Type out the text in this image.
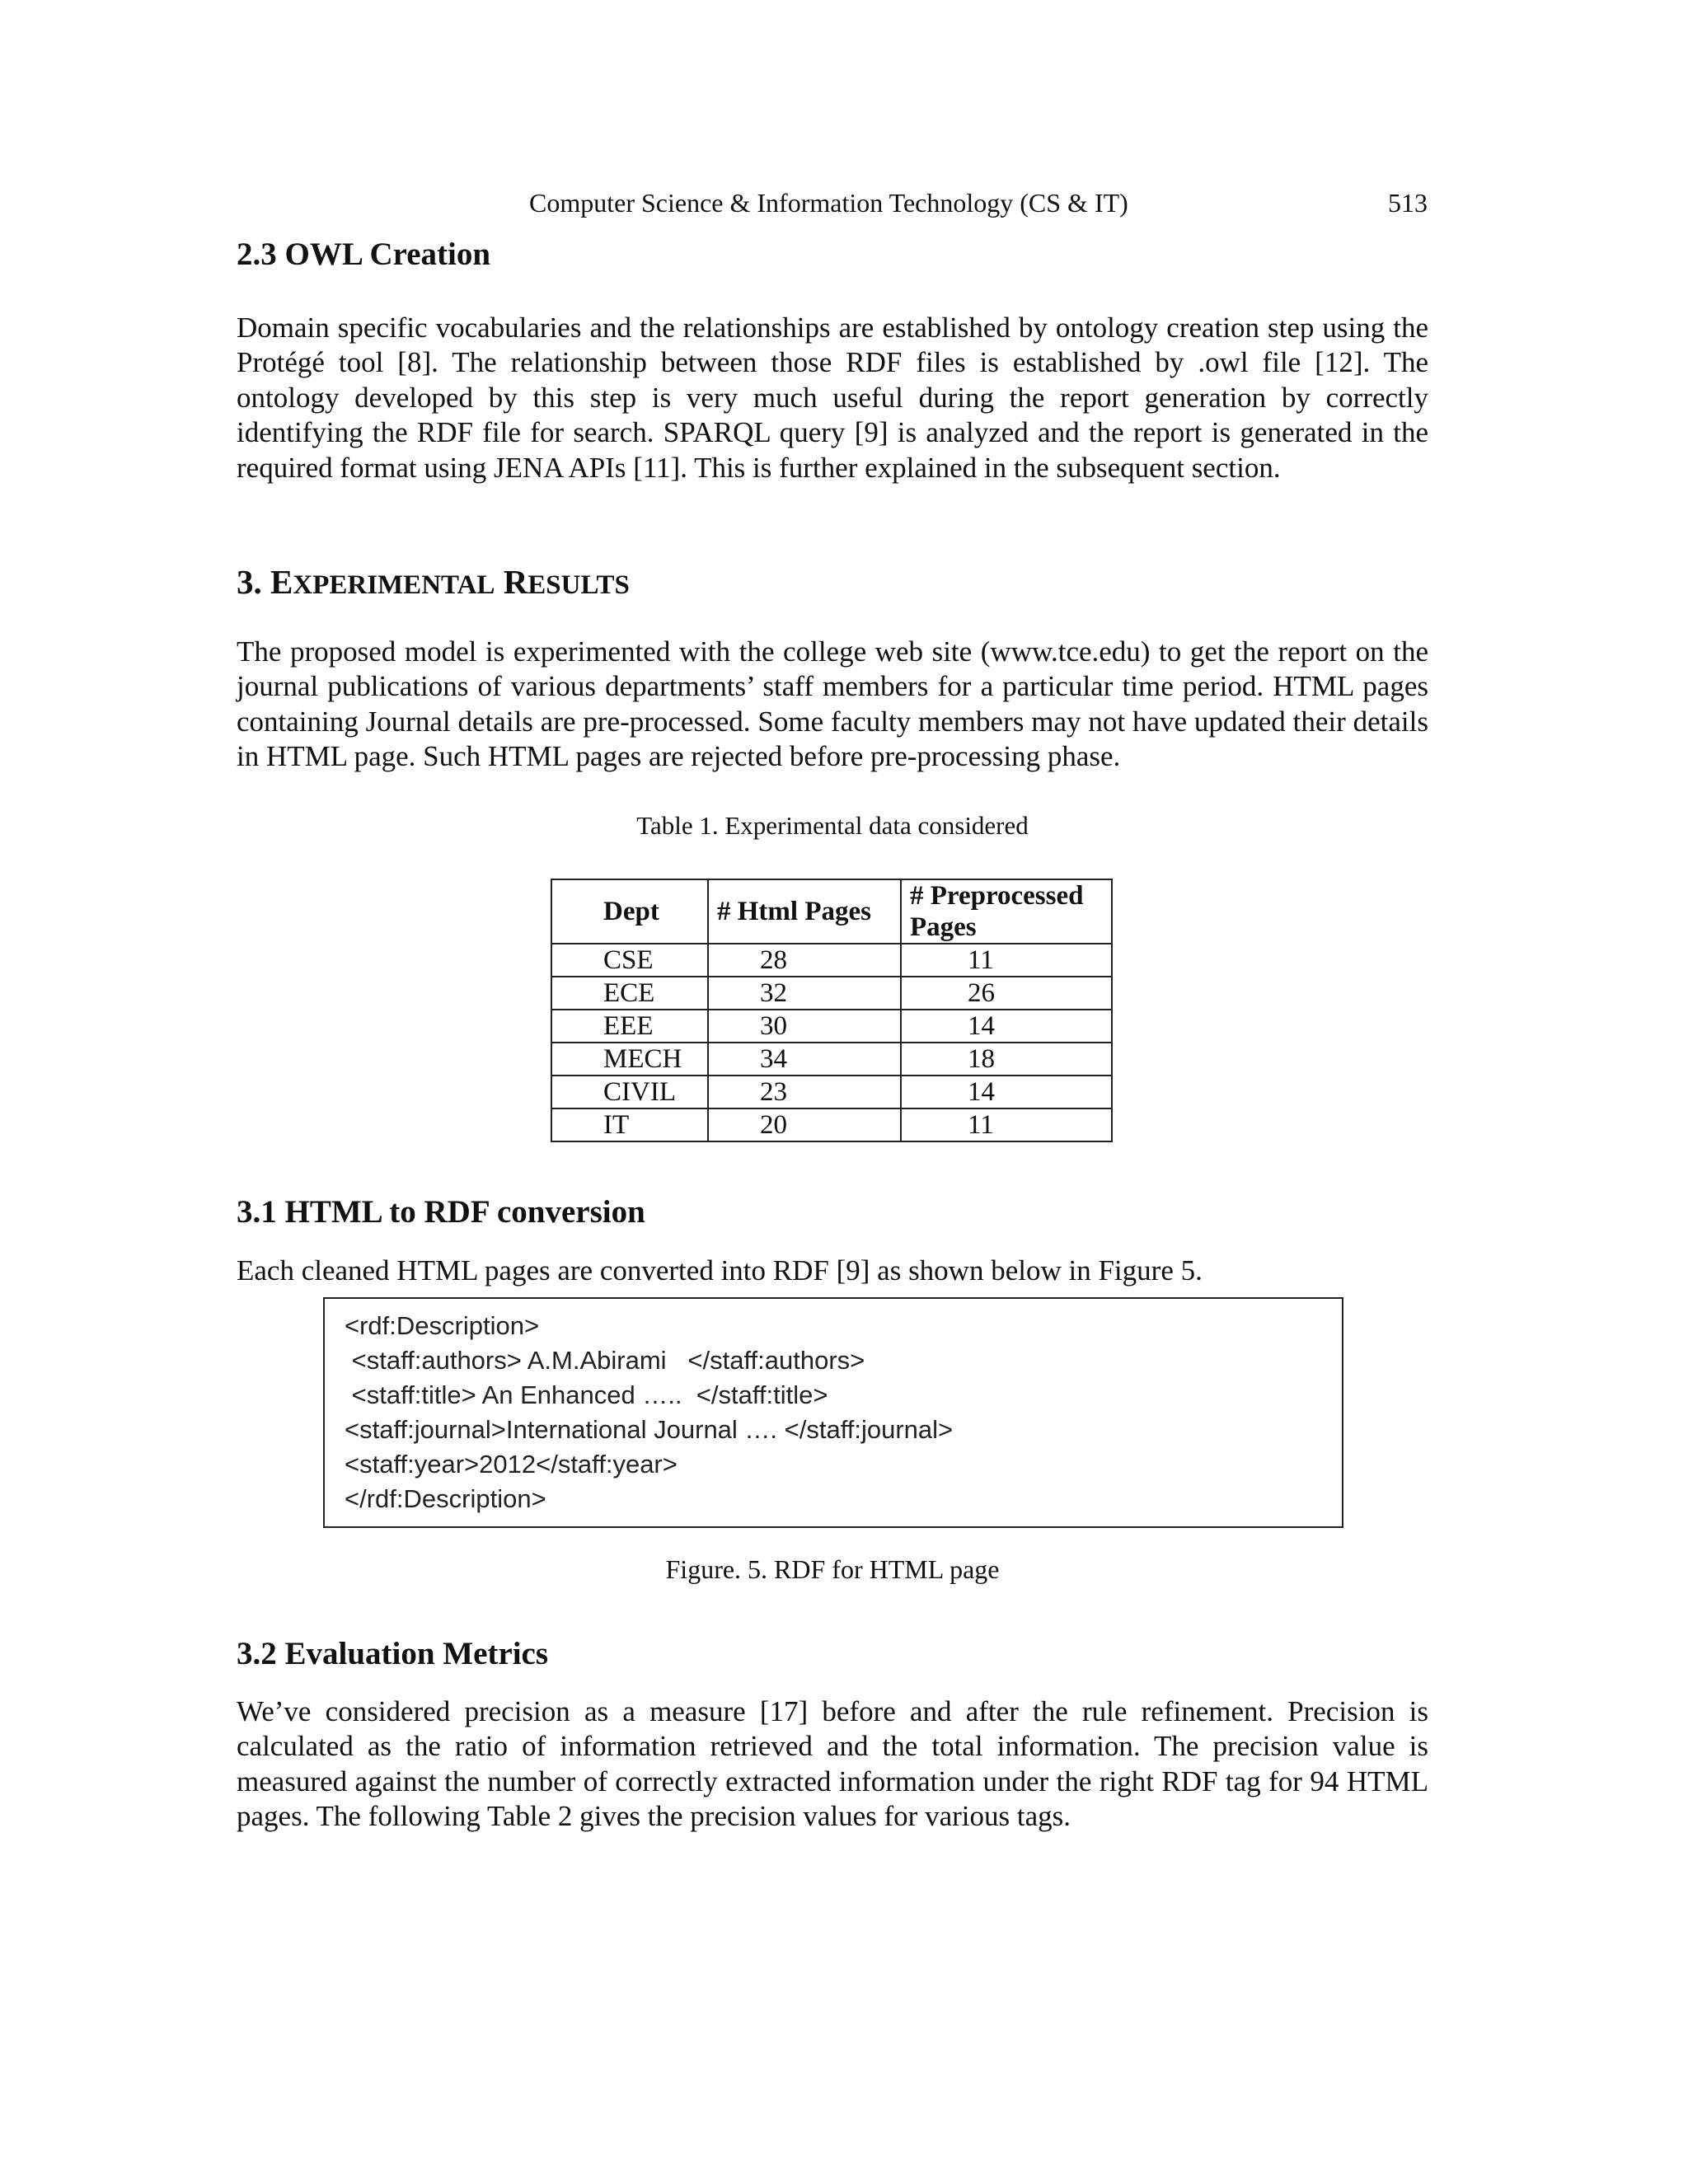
Computer Science & Information Technology (CS & IT)	513
2.3 OWL Creation

Domain specific vocabularies and the relationships are established by ontology creation step using the Protégé tool [8]. The relationship between those RDF files is established by .owl file [12]. The ontology developed by this step is very much useful during the report generation by correctly identifying the RDF file for search. SPARQL query [9] is analyzed and the report is generated in the required format using JENA APIs [11]. This is further explained in the subsequent section.

3. EXPERIMENTAL RESULTS

The proposed model is experimented with the college web site (www.tce.edu) to get the report on the journal publications of various departments’ staff members for a particular time period. HTML pages containing Journal details are pre-processed. Some faculty members may not have updated their details in HTML page. Such HTML pages are rejected before pre-processing phase.

Table 1. Experimental data considered
Dept	# Html Pages	# Preprocessed Pages
CSE	28	11
ECE	32	26
EEE	30	14
MECH	34	18
CIVIL	23	14
IT	20	11
3.1 HTML to RDF conversion

Each cleaned HTML pages are converted into RDF [9] as shown below in Figure 5.

<rdf:Description>
<staff:authors> A.M.Abirami   </staff:authors>
<staff:title> An Enhanced …..  </staff:title>
<staff:journal>International Journal …. </staff:journal>
<staff:year>2012</staff:year>
</rdf:Description>
Figure. 5. RDF for HTML page
3.2 Evaluation Metrics

We’ve considered precision as a measure [17] before and after the rule refinement. Precision is calculated as the ratio of information retrieved and the total information. The precision value is measured against the number of correctly extracted information under the right RDF tag for 94 HTML pages. The following Table 2 gives the precision values for various tags.
